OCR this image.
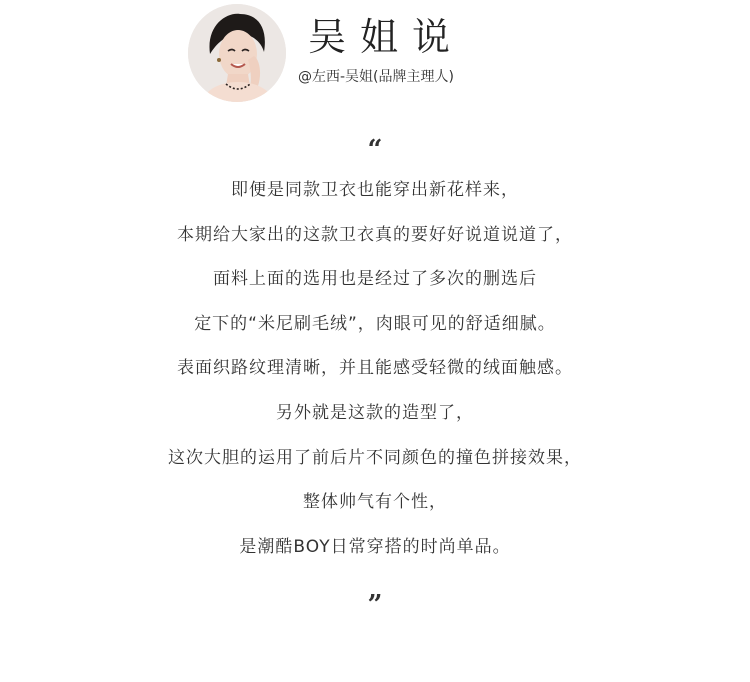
吴姐说
@左西-吴姐(品牌主理人)
“
即便是同款卫衣也能穿出新花样来，
本期给大家出的这款卫衣真的要好好说道说道了，
面料上面的选用也是经过了多次的删选后
定下的“米尼刷毛绒”，肉眼可见的舒适细腻。
表面织路纹理清晰，并且能感受轻微的绒面触感。
另外就是这款的造型了，
这次大胆的运用了前后片不同颜色的撞色拼接效果，
整体帅气有个性，
是潮酷BOY日常穿搭的时尚单品。
”
